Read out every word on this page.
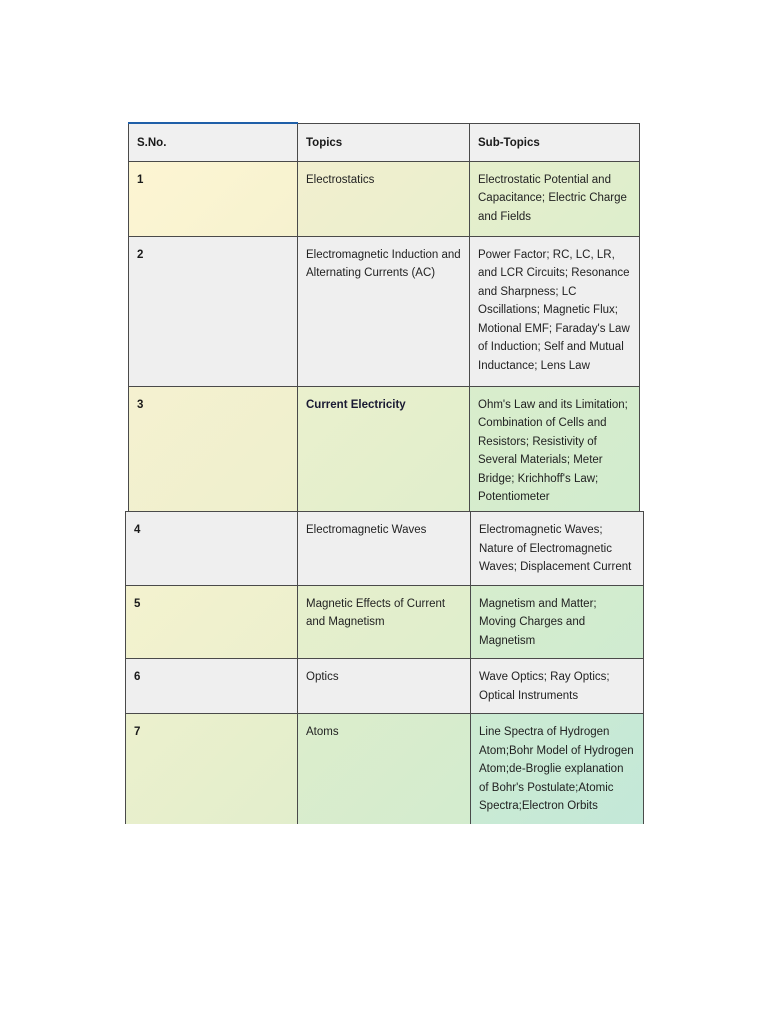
S.No.	Topics	Sub-Topics
1	Electrostatics	Electrostatic Potential and Capacitance; Electric Charge and Fields
2	Electromagnetic Induction and Alternating Currents (AC)	Power Factor; RC, LC, LR, and LCR Circuits; Resonance and Sharpness; LC Oscillations; Magnetic Flux; Motional EMF; Faraday's Law of Induction; Self and Mutual Inductance; Lens Law
3	Current Electricity	Ohm's Law and its Limitation; Combination of Cells and Resistors; Resistivity of Several Materials; Meter Bridge; Krichhoff's Law; Potentiometer
4	Electromagnetic Waves	Electromagnetic Waves; Nature of Electromagnetic Waves; Displacement Current
5	Magnetic Effects of Current and Magnetism	Magnetism and Matter; Moving Charges and Magnetism
6	Optics	Wave Optics; Ray Optics; Optical Instruments
7	Atoms	Line Spectra of Hydrogen Atom;Bohr Model of Hydrogen Atom;de-Broglie explanation of Bohr's Postulate;Atomic Spectra;Electron Orbits
